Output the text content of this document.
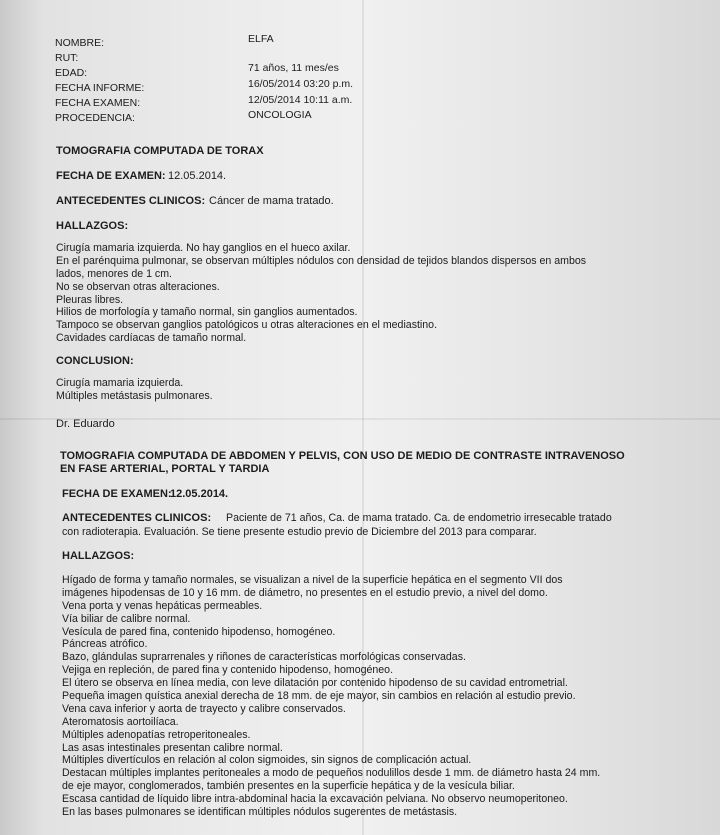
NOMBRE:	ELFA
RUT:
EDAD:	71 años, 11 mes/es
FECHA INFORME:	16/05/2014 03:20 p.m.
FECHA EXAMEN:	12/05/2014 10:11 a.m.
PROCEDENCIA:	ONCOLOGIA
TOMOGRAFIA COMPUTADA DE TORAX
FECHA DE EXAMEN: 12.05.2014.
ANTECEDENTES CLINICOS: Cáncer de mama tratado.
HALLAZGOS:
Cirugía mamaria izquierda. No hay ganglios en el hueco axilar.
En el parénquima pulmonar, se observan múltiples nódulos con densidad de tejidos blandos dispersos en ambos
lados, menores de 1 cm.
No se observan otras alteraciones.
Pleuras libres.
Hilios de morfología y tamaño normal, sin ganglios aumentados.
Tampoco se observan ganglios patológicos u otras alteraciones en el mediastino.
Cavidades cardíacas de tamaño normal.
CONCLUSION:
Cirugía mamaria izquierda.
Múltiples metástasis pulmonares.
Dr. Eduardo
TOMOGRAFIA COMPUTADA DE ABDOMEN Y PELVIS, CON USO DE MEDIO DE CONTRASTE INTRAVENOSO
EN FASE ARTERIAL, PORTAL Y TARDIA
FECHA DE EXAMEN:
12.05.2014.
ANTECEDENTES CLINICOS: Paciente de 71 años, Ca. de mama tratado. Ca. de endometrio irresecable tratado
con radioterapia. Evaluación. Se tiene presente estudio previo de Diciembre del 2013 para comparar.
HALLAZGOS:
Hígado de forma y tamaño normales, se visualizan a nivel de la superficie hepática en el segmento VII dos
imágenes hipodensas de 10 y 16 mm. de diámetro, no presentes en el estudio previo, a nivel del domo.
Vena porta y venas hepáticas permeables.
Vía biliar de calibre normal.
Vesícula de pared fina, contenido hipodenso, homogéneo.
Páncreas atrófico.
Bazo, glándulas suprarrenales y riñones de características morfológicas conservadas.
Vejiga en repleción, de pared fina y contenido hipodenso, homogéneo.
El útero se observa en línea media, con leve dilatación por contenido hipodenso de su cavidad entrometrial.
Pequeña imagen quística anexial derecha de 18 mm. de eje mayor, sin cambios en relación al estudio previo.
Vena cava inferior y aorta de trayecto y calibre conservados.
Ateromatosis aortoilíaca.
Múltiples adenopatías retroperitoneales.
Las asas intestinales presentan calibre normal.
Múltiples divertículos en relación al colon sigmoides, sin signos de complicación actual.
Destacan múltiples implantes peritoneales a modo de pequeños nodulillos desde 1 mm. de diámetro hasta 24 mm.
de eje mayor, conglomerados, también presentes en la superficie hepática y de la vesícula biliar.
Escasa cantidad de líquido libre intra-abdominal hacia la excavación pelviana. No observo neumoperitoneo.
En las bases pulmonares se identifican múltiples nódulos sugerentes de metástasis.
